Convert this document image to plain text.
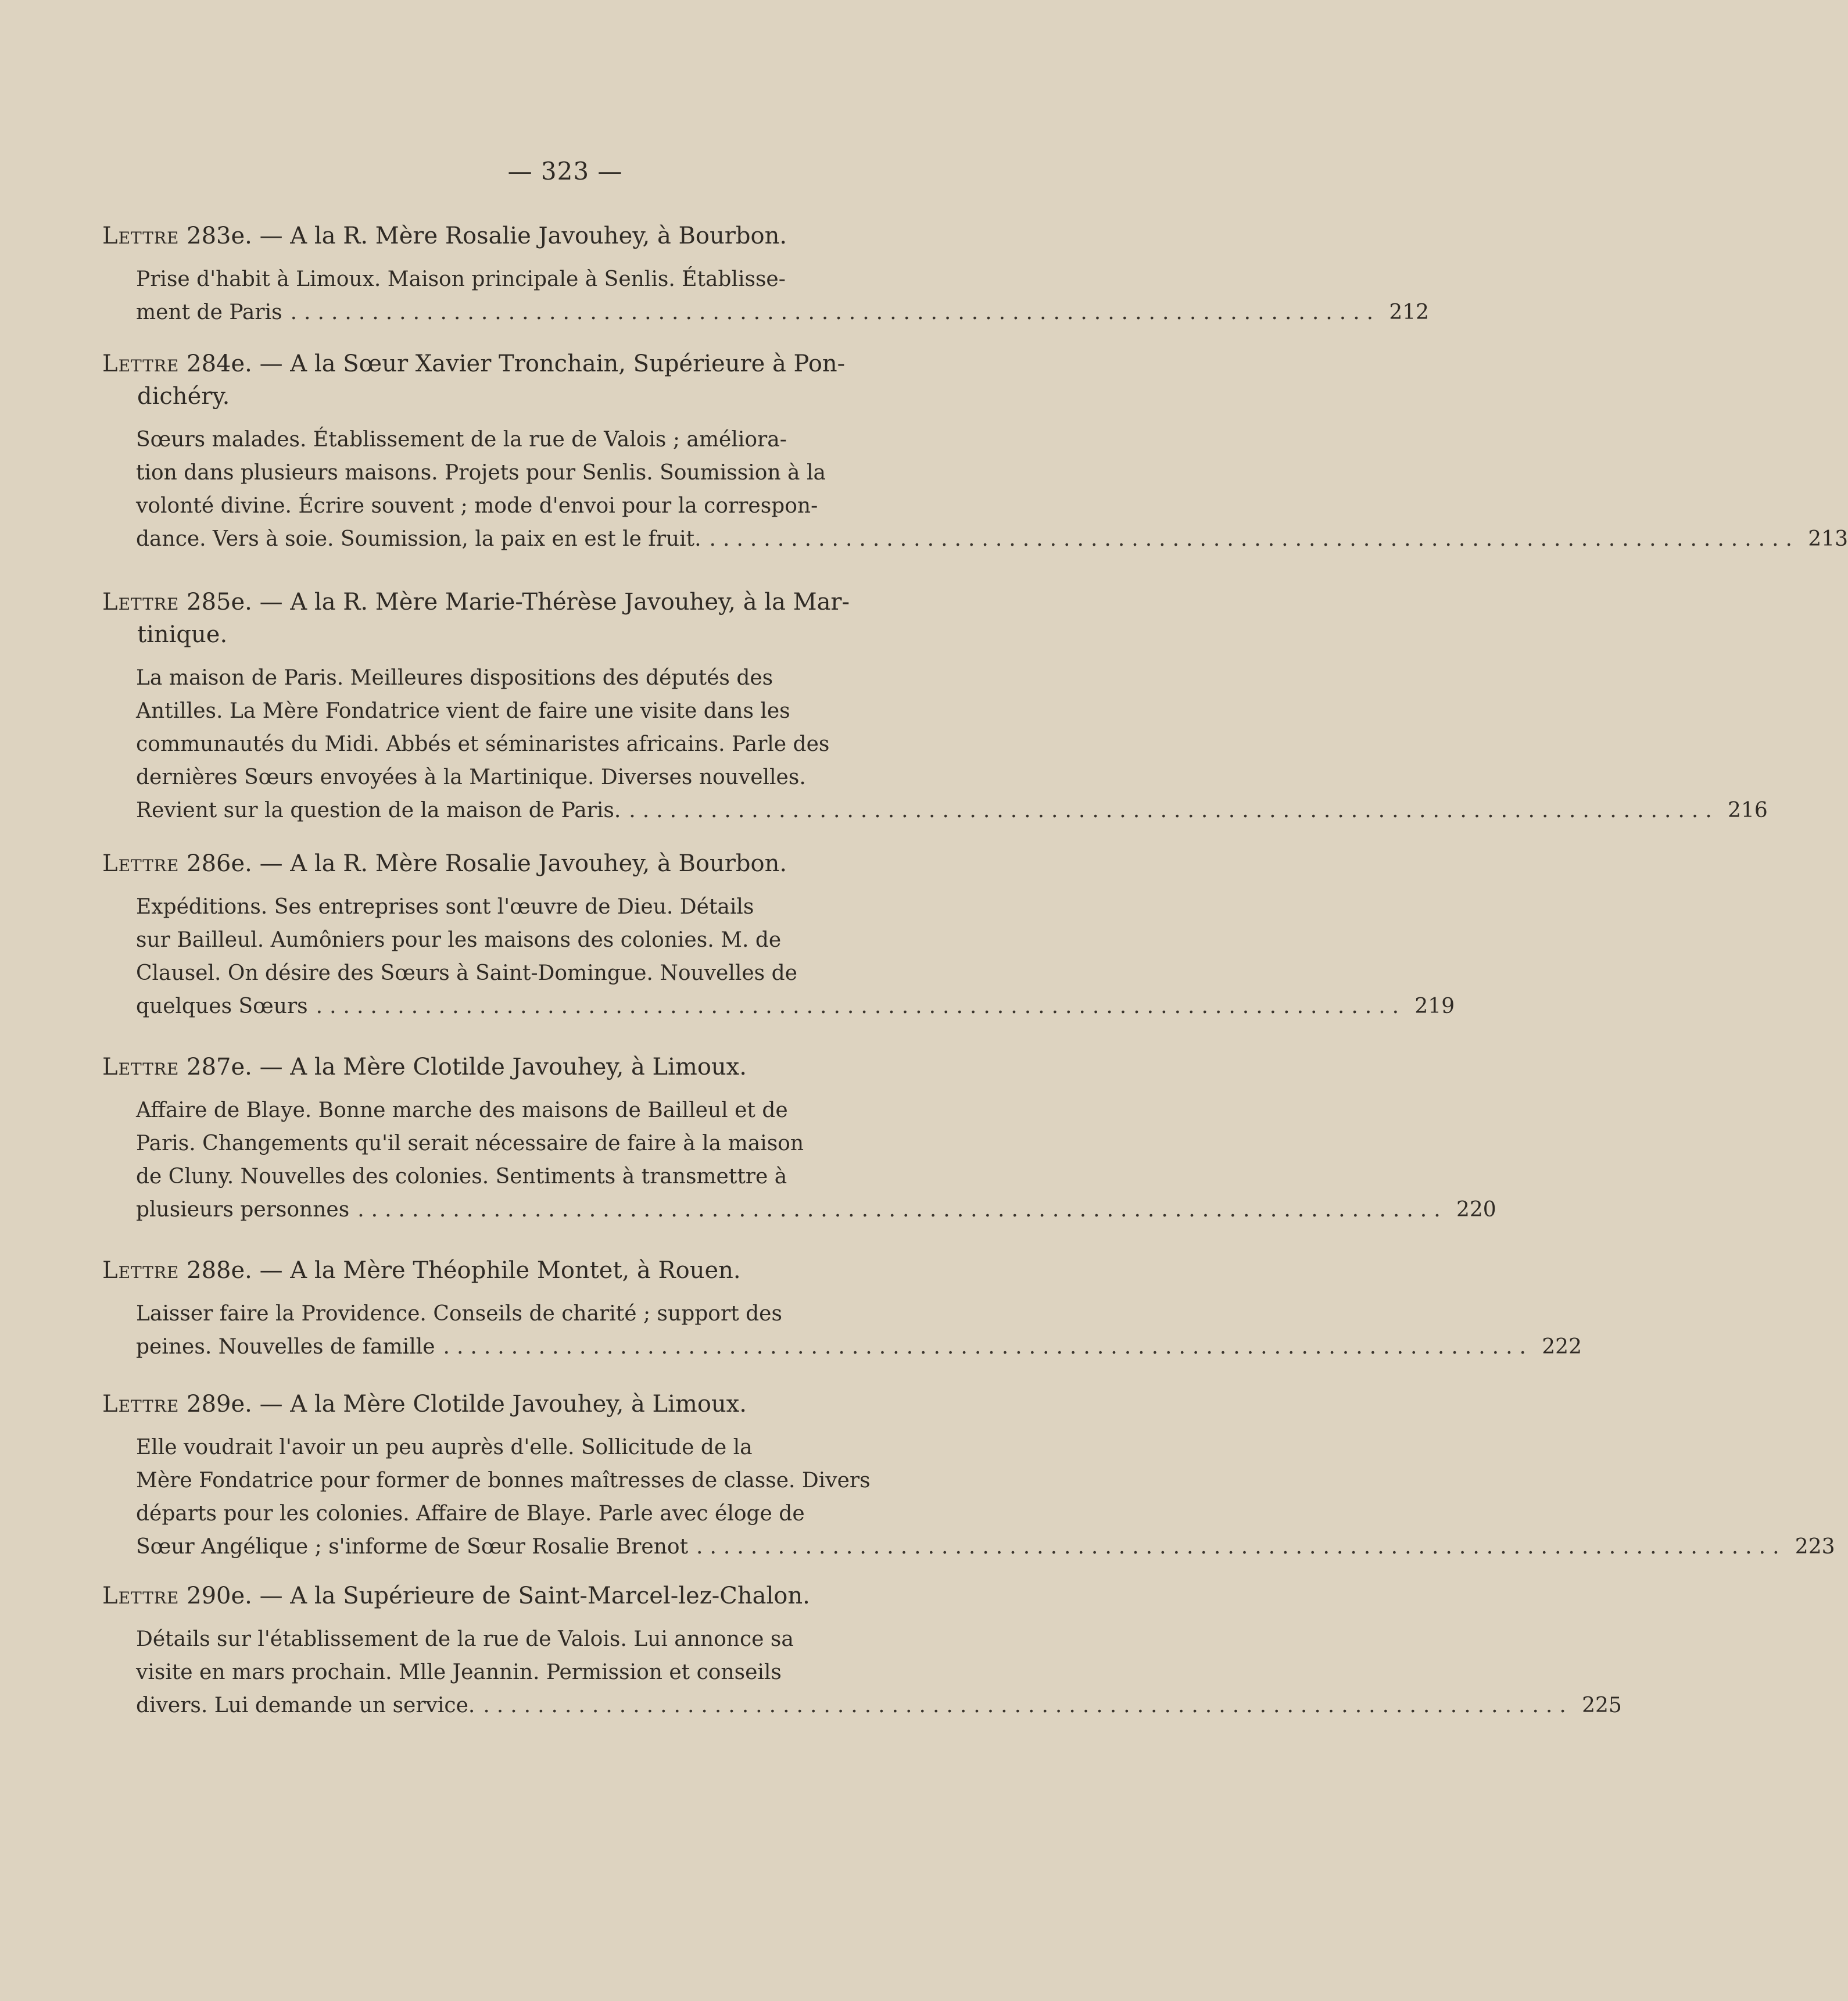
— 323 —

Lettre 283e. — A la R. Mère Rosalie Javouhey, à Bourbon.

Prise d'habit à Limoux. Maison principale à Senlis. Établisse-
ment de Paris ................................................................................ 212

Lettre 284e. — A la Sœur Xavier Tronchain, Supérieure à Pon-
dichéry.

Sœurs malades. Établissement de la rue de Valois ; améliora-
tion dans plusieurs maisons. Projets pour Senlis. Soumission à la
volonté divine. Écrire souvent ; mode d'envoi pour la correspon-
dance. Vers à soie. Soumission, la paix en est le fruit. ................................................................................ 213

Lettre 285e. — A la R. Mère Marie-Thérèse Javouhey, à la Mar-
tinique.

La maison de Paris. Meilleures dispositions des députés des
Antilles. La Mère Fondatrice vient de faire une visite dans les
communautés du Midi. Abbés et séminaristes africains. Parle des
dernières Sœurs envoyées à la Martinique. Diverses nouvelles.
Revient sur la question de la maison de Paris. ................................................................................ 216

Lettre 286e. — A la R. Mère Rosalie Javouhey, à Bourbon.

Expéditions. Ses entreprises sont l'œuvre de Dieu. Détails
sur Bailleul. Aumôniers pour les maisons des colonies. M. de
Clausel. On désire des Sœurs à Saint-Domingue. Nouvelles de
quelques Sœurs ................................................................................ 219

Lettre 287e. — A la Mère Clotilde Javouhey, à Limoux.

Affaire de Blaye. Bonne marche des maisons de Bailleul et de
Paris. Changements qu'il serait nécessaire de faire à la maison
de Cluny. Nouvelles des colonies. Sentiments à transmettre à
plusieurs personnes ................................................................................ 220

Lettre 288e. — A la Mère Théophile Montet, à Rouen.

Laisser faire la Providence. Conseils de charité ; support des
peines. Nouvelles de famille ................................................................................ 222

Lettre 289e. — A la Mère Clotilde Javouhey, à Limoux.

Elle voudrait l'avoir un peu auprès d'elle. Sollicitude de la
Mère Fondatrice pour former de bonnes maîtresses de classe. Divers
départs pour les colonies. Affaire de Blaye. Parle avec éloge de
Sœur Angélique ; s'informe de Sœur Rosalie Brenot ................................................................................ 223

Lettre 290e. — A la Supérieure de Saint-Marcel-lez-Chalon.

Détails sur l'établissement de la rue de Valois. Lui annonce sa
visite en mars prochain. Mlle Jeannin. Permission et conseils
divers. Lui demande un service. ................................................................................ 225
